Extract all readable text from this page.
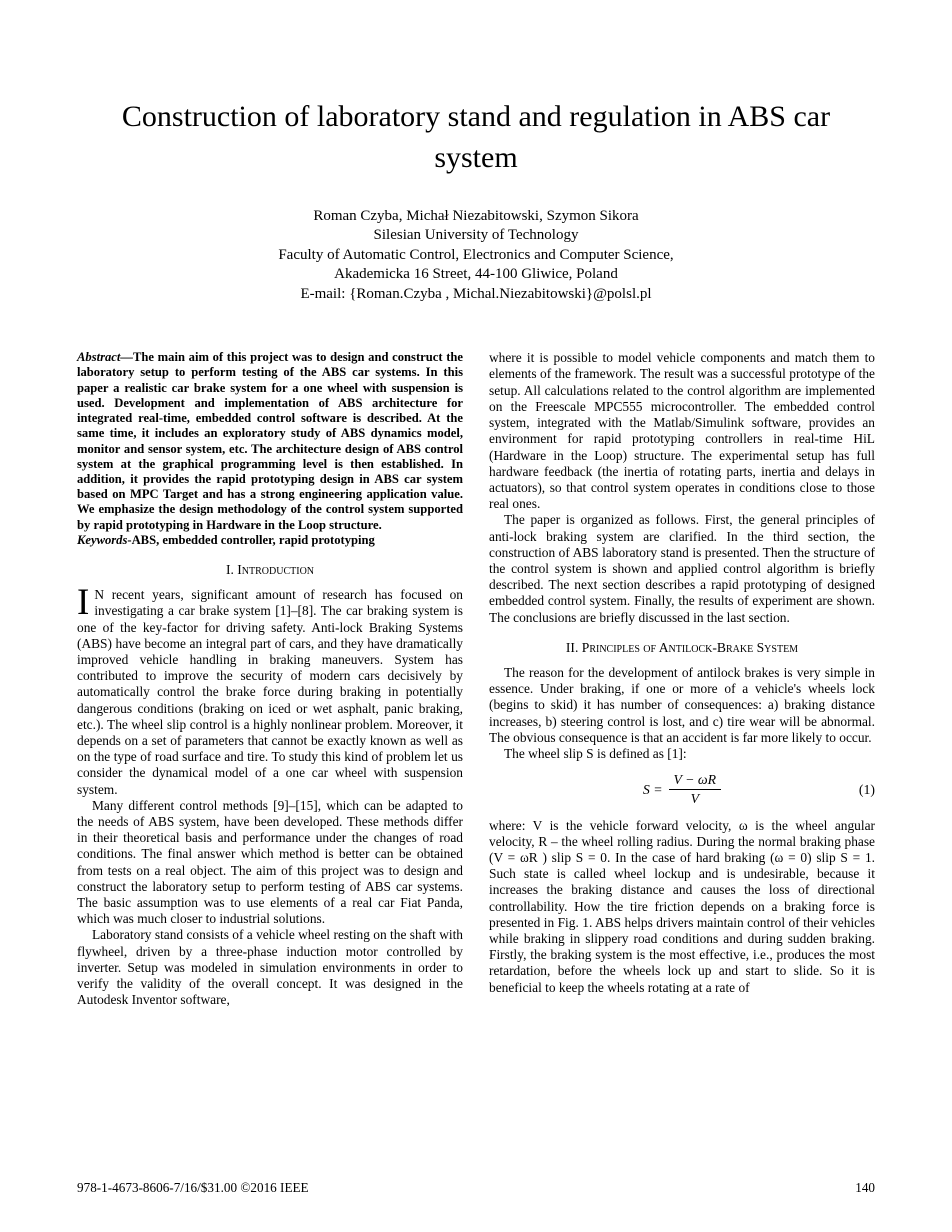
Construction of laboratory stand and regulation in ABS car system
Roman Czyba, Michał Niezabitowski, Szymon Sikora
Silesian University of Technology
Faculty of Automatic Control, Electronics and Computer Science,
Akademicka 16 Street, 44-100 Gliwice, Poland
E-mail: {Roman.Czyba , Michal.Niezabitowski}@polsl.pl

Abstract—The main aim of this project was to design and construct the laboratory setup to perform testing of the ABS car systems. In this paper a realistic car brake system for a one wheel with suspension is used. Development and implementation of ABS architecture for integrated real-time, embedded control software is described. At the same time, it includes an exploratory study of ABS dynamics model, monitor and sensor system, etc. The architecture design of ABS control system at the graphical programming level is then established. In addition, it provides the rapid prototyping design in ABS car system based on MPC Target and has a strong engineering application value. We emphasize the design methodology of the control system supported by rapid prototyping in Hardware in the Loop structure.

Keywords-ABS, embedded controller, rapid prototyping

I. Introduction

I N recent years, significant amount of research has focused on investigating a car brake system [1]–[8]. The car braking system is one of the key-factor for driving safety. Anti-lock Braking Systems (ABS) have become an integral part of cars, and they have dramatically improved vehicle handling in braking maneuvers. System has contributed to improve the security of modern cars decisively by automatically control the brake force during braking in potentially dangerous conditions (braking on iced or wet asphalt, panic braking, etc.). The wheel slip control is a highly nonlinear problem. Moreover, it depends on a set of parameters that cannot be exactly known as well as on the type of road surface and tire. To study this kind of problem let us consider the dynamical model of a one car wheel with suspension system.

Many different control methods [9]–[15], which can be adapted to the needs of ABS system, have been developed. These methods differ in their theoretical basis and performance under the changes of road conditions. The final answer which method is better can be obtained from tests on a real object. The aim of this project was to design and construct the laboratory setup to perform testing of ABS car systems. The basic assumption was to use elements of a real car Fiat Panda, which was much closer to industrial solutions.

Laboratory stand consists of a vehicle wheel resting on the shaft with flywheel, driven by a three-phase induction motor controlled by inverter. Setup was modeled in simulation environments in order to verify the validity of the overall concept. It was designed in the Autodesk Inventor software,

where it is possible to model vehicle components and match them to elements of the framework. The result was a successful prototype of the setup. All calculations related to the control algorithm are implemented on the Freescale MPC555 microcontroller. The embedded control system, integrated with the Matlab/Simulink software, provides an environment for rapid prototyping controllers in real-time HiL (Hardware in the Loop) structure. The experimental setup has full hardware feedback (the inertia of rotating parts, inertia and delays in actuators), so that control system operates in conditions close to those real ones.

The paper is organized as follows. First, the general principles of anti-lock braking system are clarified. In the third section, the construction of ABS laboratory stand is presented. Then the structure of the control system is shown and applied control algorithm is briefly described. The next section describes a rapid prototyping of designed embedded control system. Finally, the results of experiment are shown. The conclusions are briefly discussed in the last section.

II. Principles of Antilock-Brake System

The reason for the development of antilock brakes is very simple in essence. Under braking, if one or more of a vehicle's wheels lock (begins to skid) it has number of consequences: a) braking distance increases, b) steering control is lost, and c) tire wear will be abnormal. The obvious consequence is that an accident is far more likely to occur.

The wheel slip S is defined as [1]:

$S = \frac{V - \omega R}{V}$	(1)

where: V is the vehicle forward velocity, ω is the wheel angular velocity, R – the wheel rolling radius. During the normal braking phase (V = ωR ) slip S = 0. In the case of hard braking (ω = 0) slip S = 1. Such state is called wheel lockup and is undesirable, because it increases the braking distance and causes the loss of directional controllability. How the tire friction depends on a braking force is presented in Fig. 1. ABS helps drivers maintain control of their vehicles while braking in slippery road conditions and during sudden braking. Firstly, the braking system is the most effective, i.e., produces the most retardation, before the wheels lock up and start to slide. So it is beneficial to keep the wheels rotating at a rate of

978-1-4673-8606-7/16/$31.00 ©2016 IEEE	140
